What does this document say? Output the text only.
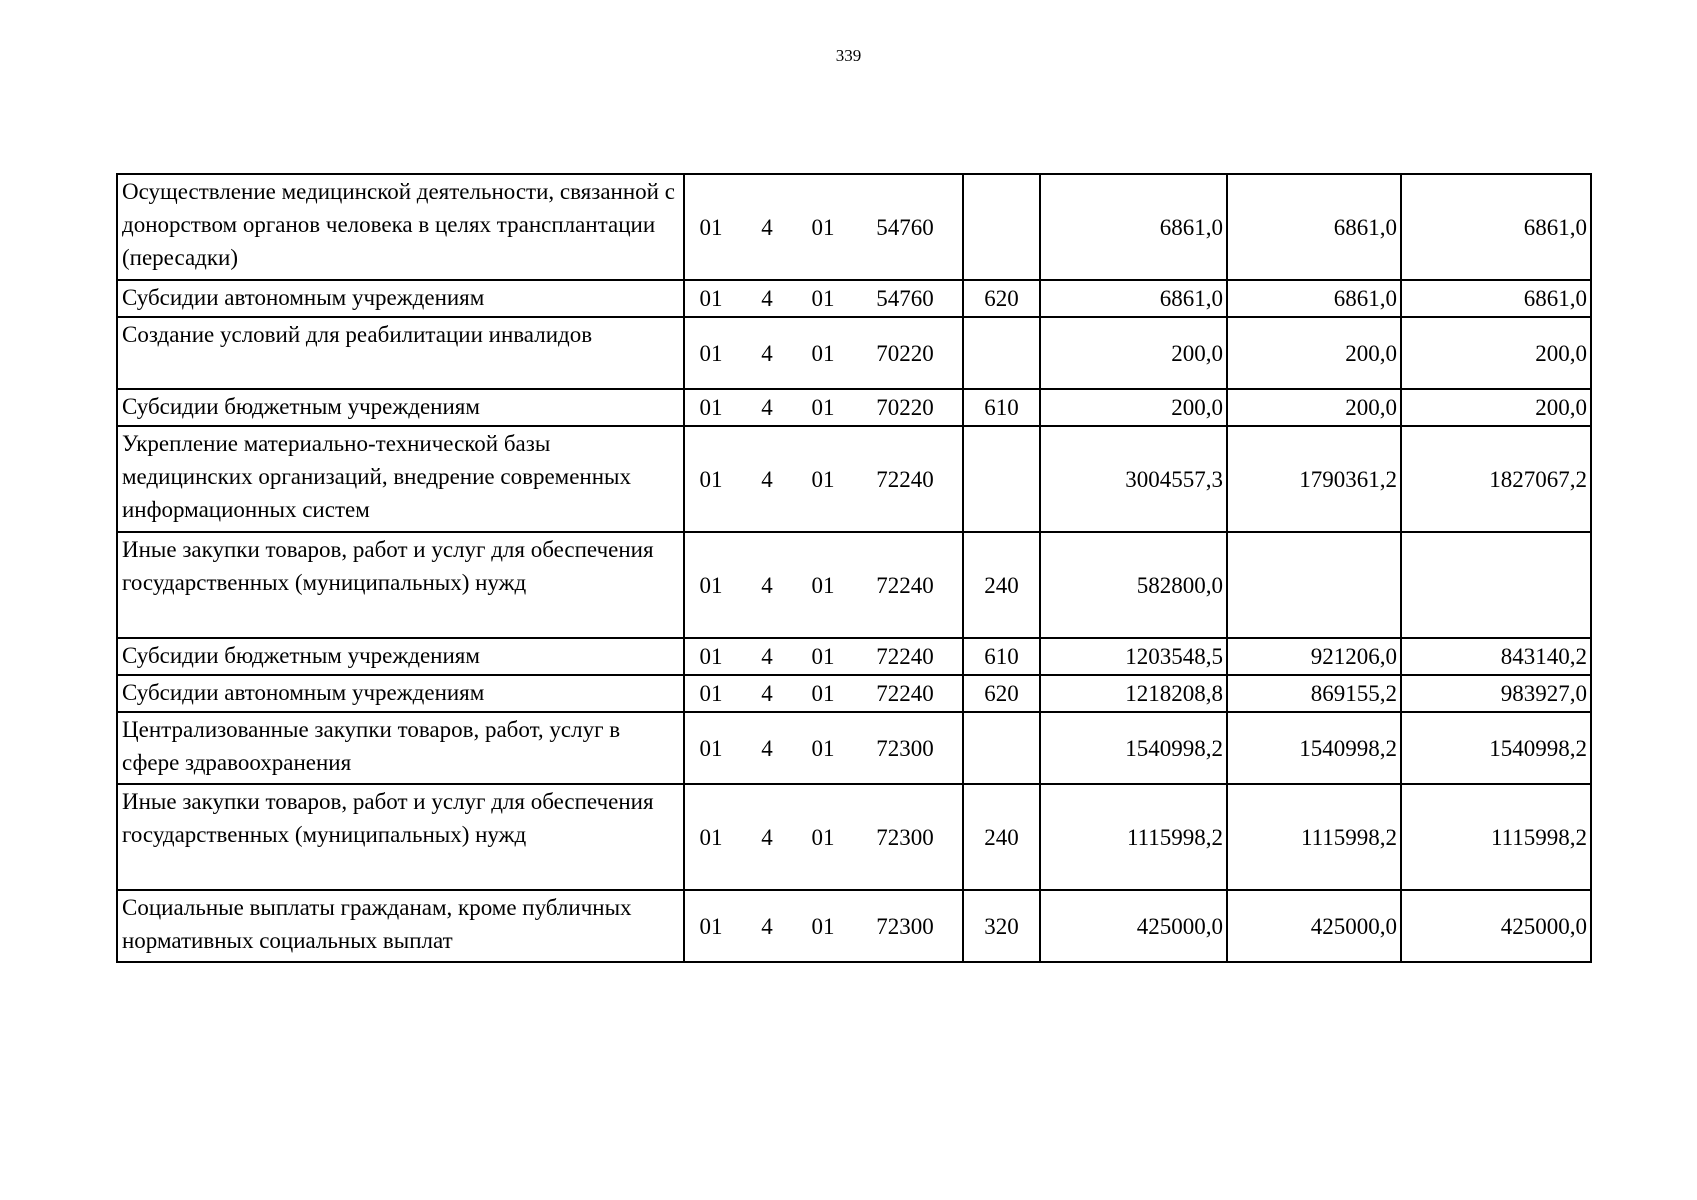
339
Осуществление медицинской деятельности, связанной с донорством органов человека в целях трансплантации (пересадки)	01 4 01 54760		6861,0	6861,0	6861,0
Субсидии автономным учреждениям	01 4 01 54760	620	6861,0	6861,0	6861,0
Создание условий для реабилитации инвалидов	01 4 01 70220		200,0	200,0	200,0
Субсидии бюджетным учреждениям	01 4 01 70220	610	200,0	200,0	200,0
Укрепление материально-технической базы медицинских организаций, внедрение современных информационных систем	01 4 01 72240		3004557,3	1790361,2	1827067,2
Иные закупки товаров, работ и услуг для обеспечения государственных (муниципальных) нужд	01 4 01 72240	240	582800,0		
Субсидии бюджетным учреждениям	01 4 01 72240	610	1203548,5	921206,0	843140,2
Субсидии автономным учреждениям	01 4 01 72240	620	1218208,8	869155,2	983927,0
Централизованные закупки товаров, работ, услуг в сфере здравоохранения	01 4 01 72300		1540998,2	1540998,2	1540998,2
Иные закупки товаров, работ и услуг для обеспечения государственных (муниципальных) нужд	01 4 01 72300	240	1115998,2	1115998,2	1115998,2
Социальные выплаты гражданам, кроме публичных нормативных социальных выплат	01 4 01 72300	320	425000,0	425000,0	425000,0
